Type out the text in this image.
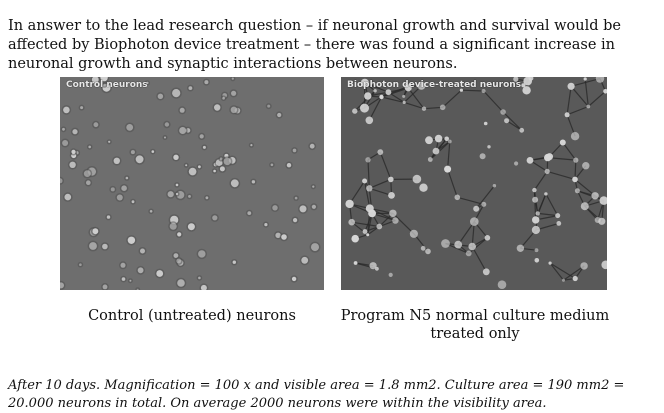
In answer to the lead research question – if neuronal growth and survival would be affected by Biophoton device treatment – there was found a significant increase in neuronal growth and synaptic interactions between neurons.

Control neurons	Biophoton device-treated neurons
Control (untreated) neurons	Program N5 normal culture medium
treated only

After 10 days. Magnification = 100 x and visible area = 1.8 mm2. Culture area = 190 mm2 = 20.000 neurons in total. On average 2000 neurons were within the visibility area.
